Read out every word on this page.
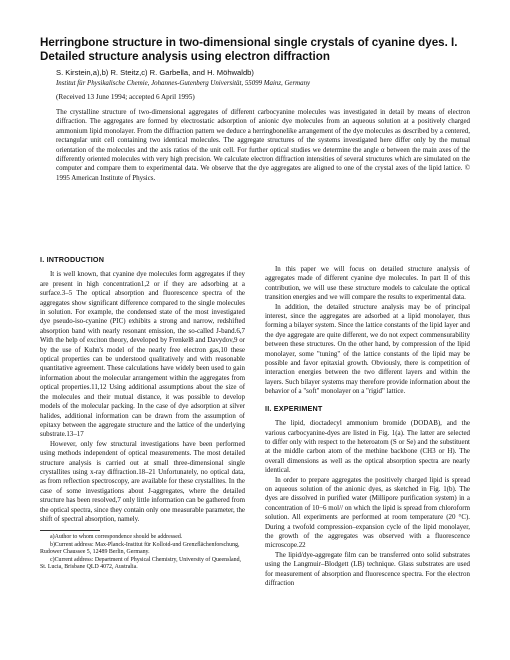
Herringbone structure in two-dimensional single crystals of cyanine dyes. I. Detailed structure analysis using electron diffraction
S. Kirstein,a),b) R. Steitz,c) R. Garbella, and H. Möhwaldb)
Institut für Physikalische Chemie, Johannes-Gutenberg Universität, 55099 Mainz, Germany
(Received 13 June 1994; accepted 6 April 1995)

The crystalline structure of two-dimensional aggregates of different carbocyanine molecules was investigated in detail by means of electron diffraction. The aggregates are formed by electrostatic adsorption of anionic dye molecules from an aqueous solution at a positively charged ammonium lipid monolayer. From the diffraction pattern we deduce a herringbonelike arrangement of the dye molecules as described by a centered, rectangular unit cell containing two identical molecules. The aggregate structures of the systems investigated here differ only by the mutual orientation of the molecules and the axis ratios of the unit cell. For further optical studies we determine the angle α between the main axes of the differently oriented molecules with very high precision. We calculate electron diffraction intensities of several structures which are simulated on the computer and compare them to experimental data. We observe that the dye aggregates are aligned to one of the crystal axes of the lipid lattice. © 1995 American Institute of Physics.

I. INTRODUCTION

It is well known, that cyanine dye molecules form aggregates if they are present in high concentration1,2 or if they are adsorbing at a surface.3–5 The optical absorption and fluorescence spectra of the aggregates show significant difference compared to the single molecules in solution. For example, the condensed state of the most investigated dye pseudo-iso-cyanine (PIC) exhibits a strong and narrow, redshifted absorption band with nearly resonant emission, the so-called J-band.6,7 With the help of exciton theory, developed by Frenkel8 and Davydov,9 or by the use of Kuhn's model of the nearly free electron gas,10 these optical properties can be understood qualitatively and with reasonable quantitative agreement. These calculations have widely been used to gain information about the molecular arrangement within the aggregates from optical properties.11,12 Using additional assumptions about the size of the molecules and their mutual distance, it was possible to develop models of the molecular packing. In the case of dye adsorption at silver halides, additional information can be drawn from the assumption of epitaxy between the aggregate structure and the lattice of the underlying substrate.13–17

However, only few structural investigations have been performed using methods independent of optical measurements. The most detailed structure analysis is carried out at small three-dimensional single crystallites using x-ray diffraction.18–21 Unfortunately, no optical data, as from reflection spectroscopy, are available for these crystallites. In the case of some investigations about J-aggregates, where the detailed structure has been resolved,7 only little information can be gathered from the optical spectra, since they contain only one measurable parameter, the shift of spectral absorption, namely.

a)Author to whom correspondence should be addressed.

b)Current address: Max-Planck-Institut für Kolloid-und Grenzflächenforschung, Rudower Chaussee 5, 12489 Berlin, Germany.

c)Current address: Department of Physical Chemistry, University of Queensland, St. Lucia, Brisbane QLD 4072, Australia.

In this paper we will focus on detailed structure analysis of aggregates made of different cyanine dye molecules. In part II of this contribution, we will use these structure models to calculate the optical transition energies and we will compare the results to experimental data.

In addition, the detailed structure analysis may be of principal interest, since the aggregates are adsorbed at a lipid monolayer, thus forming a bilayer system. Since the lattice constants of the lipid layer and the dye aggregate are quite different, we do not expect commensurability between these structures. On the other hand, by compression of the lipid monolayer, some "tuning" of the lattice constants of the lipid may be possible and favor epitaxial growth. Obviously, there is competition of interaction energies between the two different layers and within the layers. Such bilayer systems may therefore provide information about the behavior of a "soft" monolayer on a "rigid" lattice.

II. EXPERIMENT

The lipid, dioctadecyl ammonium bromide (DODAB), and the various carbocyanine-dyes are listed in Fig. 1(a). The latter are selected to differ only with respect to the heteroatom (S or Se) and the substituent at the middle carbon atom of the methine backbone (CH3 or H). The overall dimensions as well as the optical absorption spectra are nearly identical.

In order to prepare aggregates the positively charged lipid is spread on aqueous solution of the anionic dyes, as sketched in Fig. 1(b). The dyes are dissolved in purified water (Millipore purification system) in a concentration of 10−6 mol// on which the lipid is spread from chloroform solution. All experiments are performed at room temperature (20 °C). During a twofold compression–expansion cycle of the lipid monolayer, the growth of the aggregates was observed with a fluorescence microscope.22

The lipid/dye-aggregate film can be transferred onto solid substrates using the Langmuir–Blodgett (LB) technique. Glass substrates are used for measurement of absorption and fluorescence spectra. For the electron diffraction
